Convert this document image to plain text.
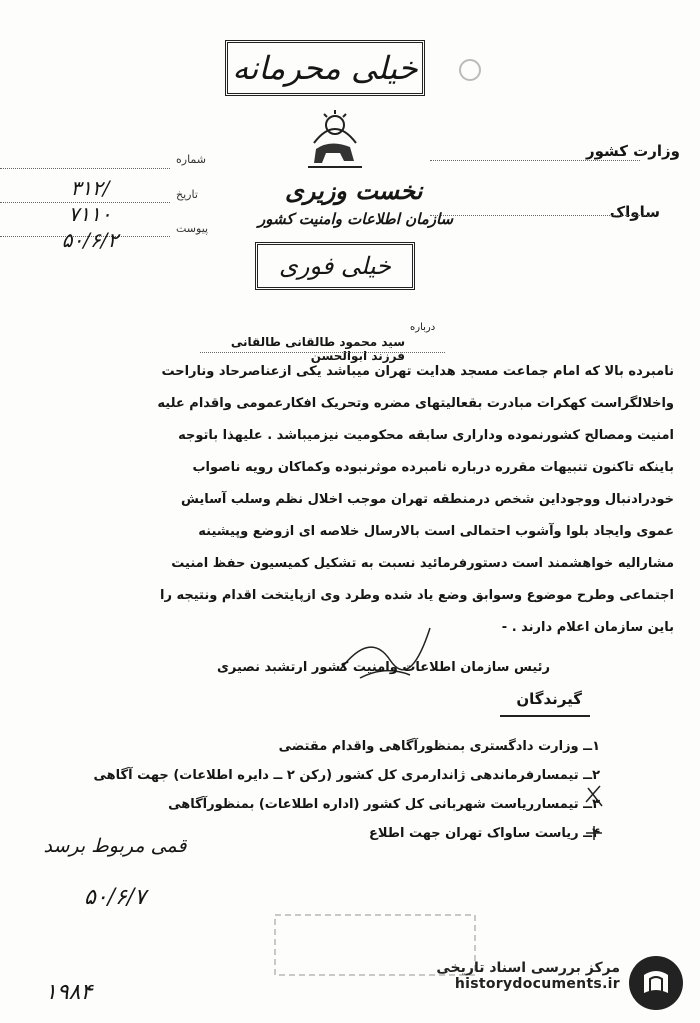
خیلی محرمانه
شماره
تاریخ
پیوست
۳۱۲/
۷۱۱۰
۵۰/۶/۲
نخست وزیری
سازمان اطلاعات وامنیت کشور
خیلی فوری
وزارت کشور
ساواک
درباره
سید محمود طالقانی طالقانی فرزند ابوالحسن

نامبرده بالا که امام جماعت مسجد هدایت تهران میباشد یکی ازعناصرحاد وناراحت

واخلالگراست کهکرات مبادرت بقعالیتهای مضره وتحریک افکارعمومی واقدام علیه

امنیت ومصالح کشورنموده وداراری سابقه محکومیت نیزمیباشد . علیهذا باتوجه

باینکه تاکنون تنبیهات مقرره درباره نامبرده موثرنبوده وکماکان رویه ناصواب

خودرادنبال ووجوداین شخص درمنطقه تهران موجب اخلال نظم وسلب آسایش

عموی وایجاد بلوا وآشوب احتمالی است بالارسال خلاصه ای ازوضع وپیشینه

مشارالیه خواهشمند است دستورفرمائید نسبت به تشکیل کمیسیون حفظ امنیت

اجتماعی وطرح موضوع وسوابق وضع یاد شده وطرد وی ازپایتخت اقدام ونتیجه را

باین سازمان اعلام دارند . -

رئیس سازمان اطلاعات وامنیت کشور ارتشبد نصیری
گیرندگان
۱ــ وزارت دادگستری بمنظورآگاهی واقدام مقتضی
۲ــ تیمسارفرماندهی ژاندارمری کل کشور (رکن ۲ ــ دایره اطلاعات) جهت آگاهی
۳ــ تیمسارریاست شهربانی کل کشور (اداره اطلاعات) بمنظورآگاهی
۴ــ ریاست ساواک تهران جهت اطلاع
قمی مربوط برسد
۵۰/۶/۷
۱۹۸۴
مرکز بررسی اسناد تاریخی
historydocuments.ir
